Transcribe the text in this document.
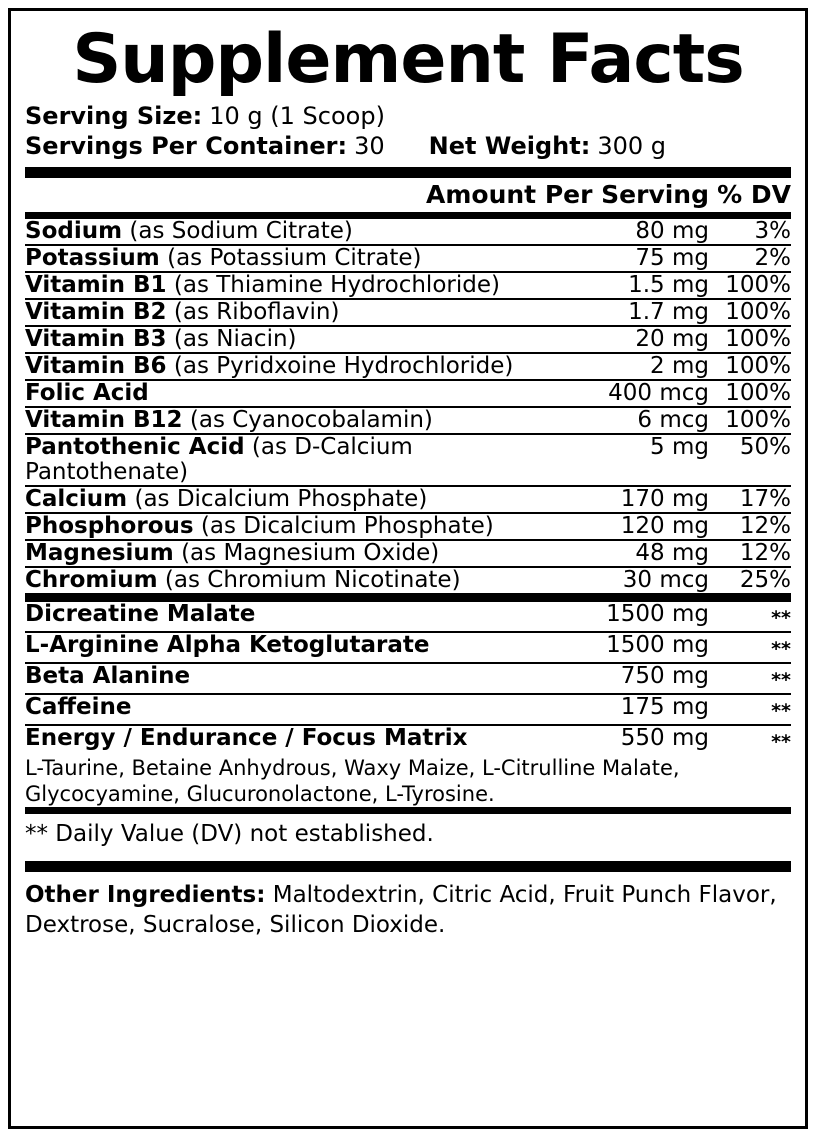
Supplement Facts
Serving Size: 10 g (1 Scoop)
Servings Per Container: 30 Net Weight: 300 g
Amount Per Serving	% DV
Sodium (as Sodium Citrate)	80 mg	3%
Potassium (as Potassium Citrate)	75 mg	2%
Vitamin B1 (as Thiamine Hydrochloride)	1.5 mg	100%
Vitamin B2 (as Riboflavin)	1.7 mg	100%
Vitamin B3 (as Niacin)	20 mg	100%
Vitamin B6 (as Pyridxoine Hydrochloride)	2 mg	100%
Folic Acid	400 mcg	100%
Vitamin B12 (as Cyanocobalamin)	6 mcg	100%
Pantothenic Acid (as D-Calcium Pantothenate)	5 mg	50%
Calcium (as Dicalcium Phosphate)	170 mg	17%
Phosphorous (as Dicalcium Phosphate)	120 mg	12%
Magnesium (as Magnesium Oxide)	48 mg	12%
Chromium (as Chromium Nicotinate)	30 mcg	25%
Dicreatine Malate	1500 mg	**
L-Arginine Alpha Ketoglutarate	1500 mg	**
Beta Alanine	750 mg	**
Caffeine	175 mg	**
Energy / Endurance / Focus Matrix	550 mg	**
L-Taurine, Betaine Anhydrous, Waxy Maize, L-Citrulline Malate, Glycocyamine, Glucuronolactone, L-Tyrosine.		
** Daily Value (DV) not established.
Other Ingredients: Maltodextrin, Citric Acid, Fruit Punch Flavor, Dextrose, Sucralose, Silicon Dioxide.
